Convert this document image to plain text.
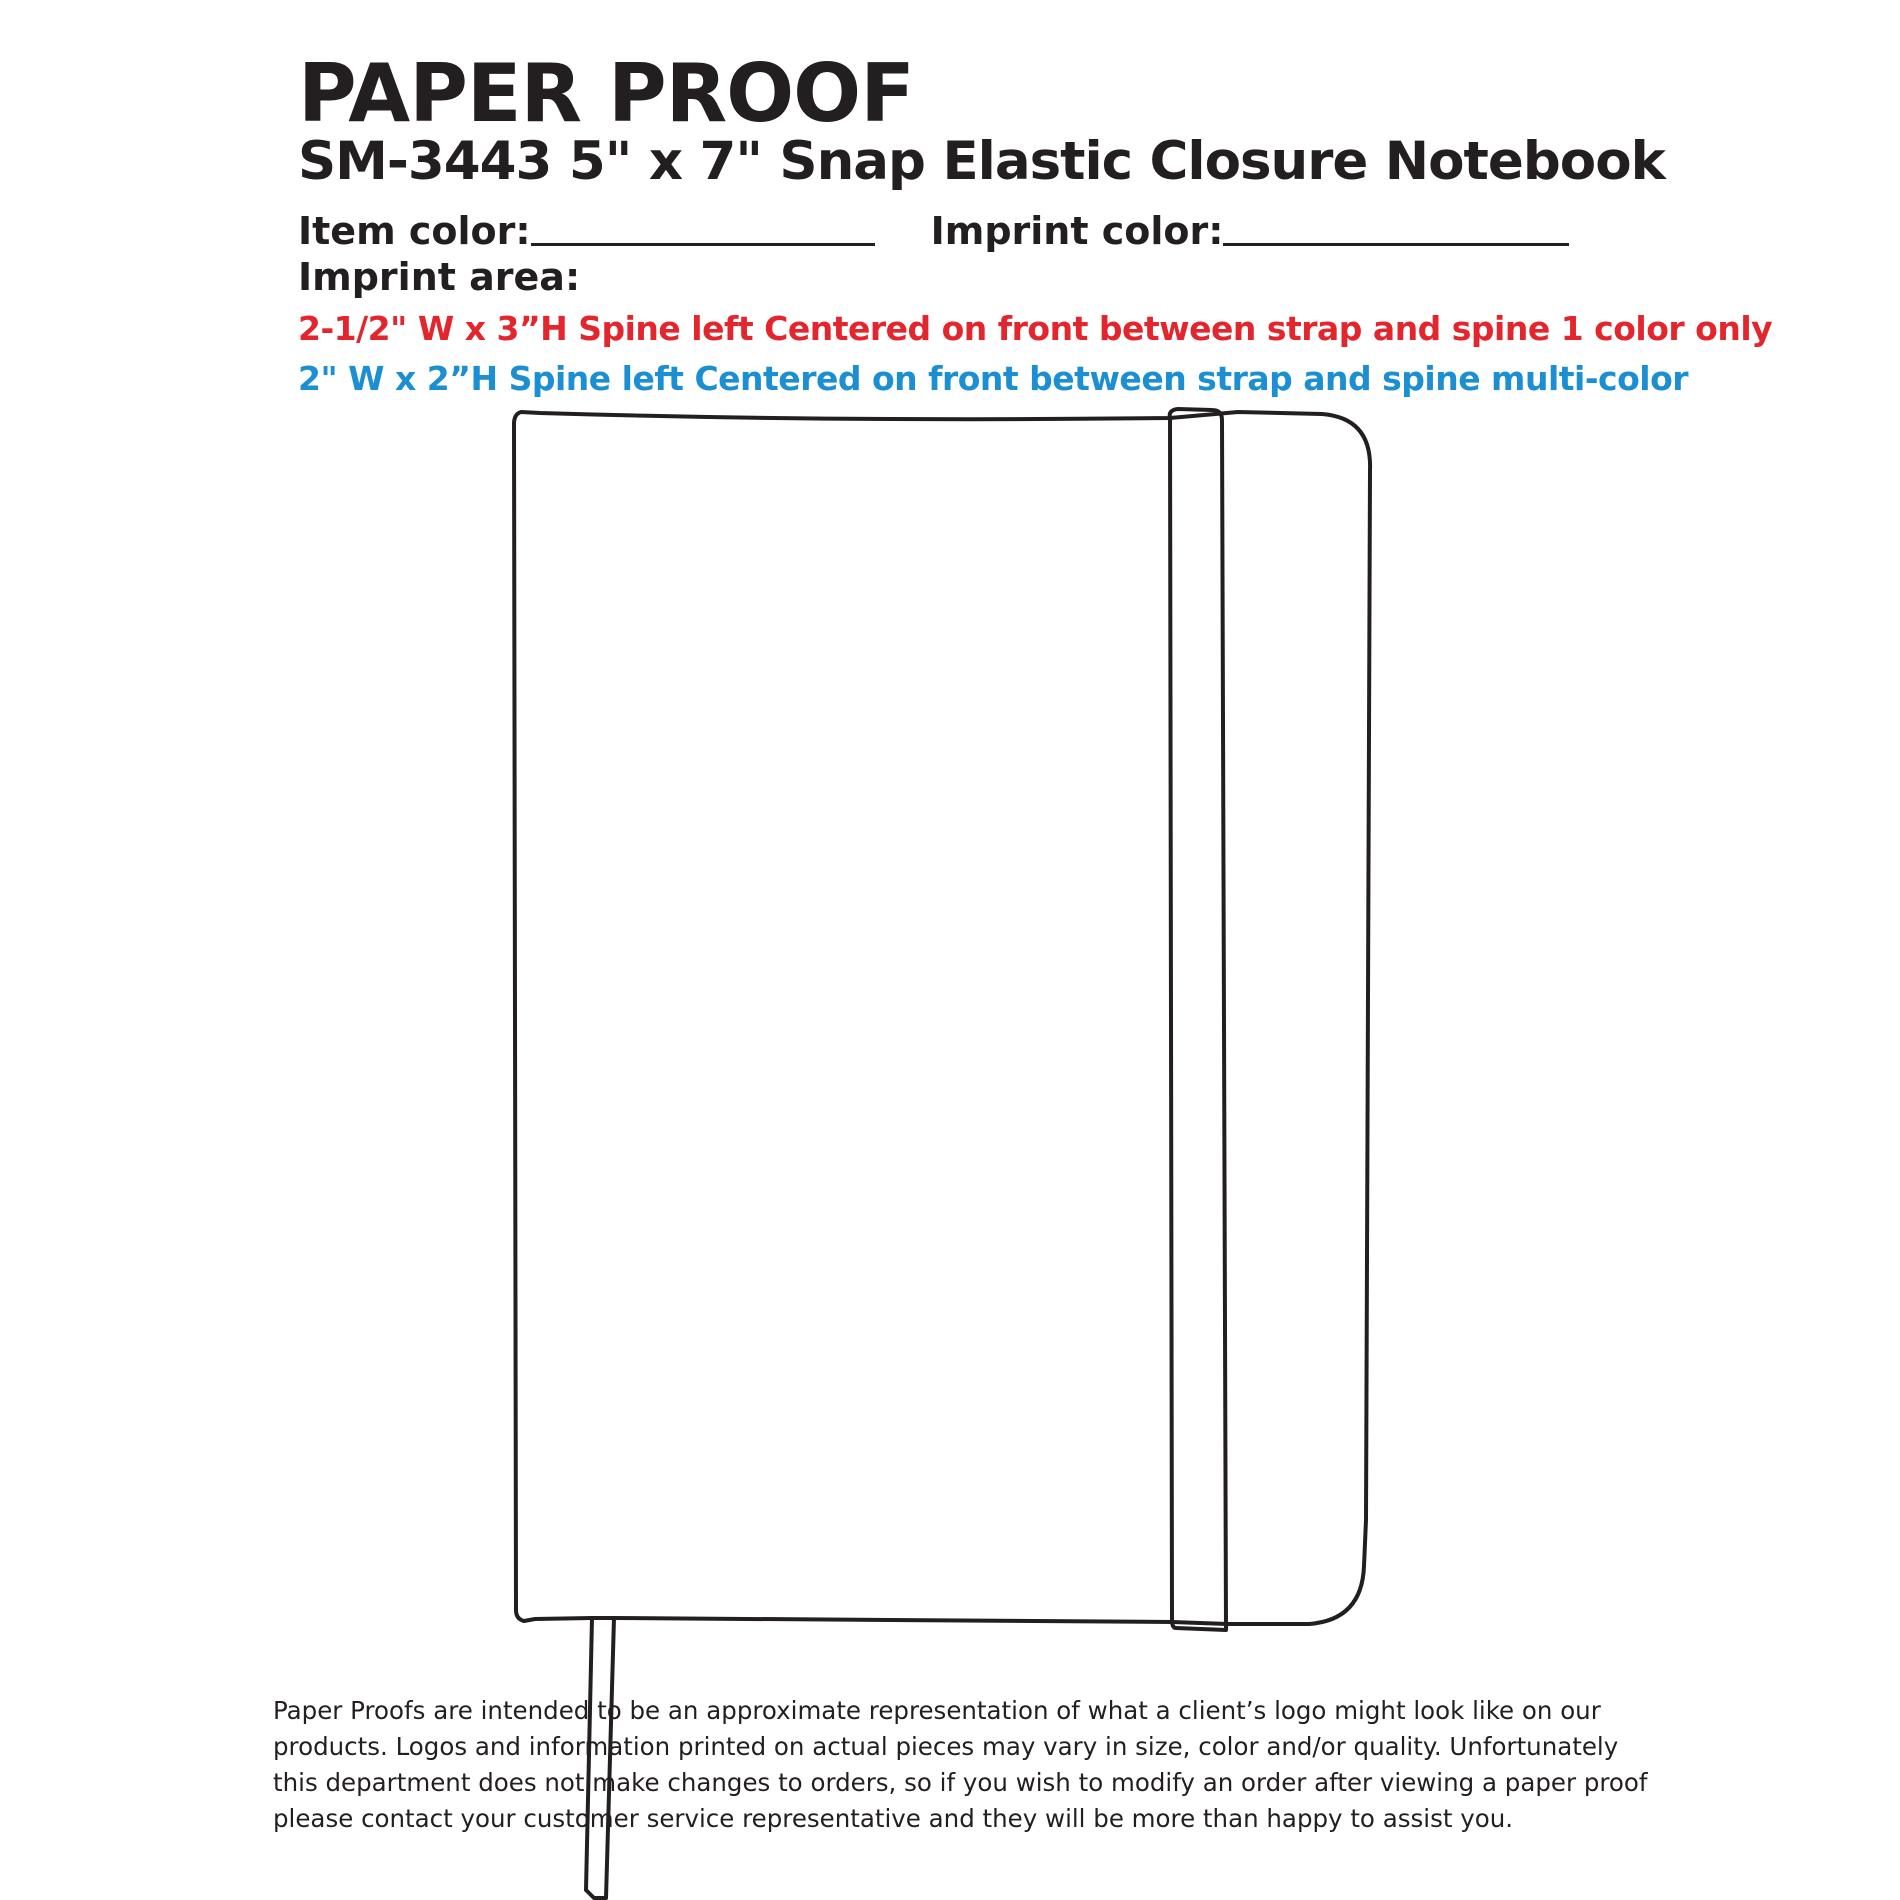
PAPER PROOF
SM-3443 5" x 7" Snap Elastic Closure Notebook
Item color:	Imprint color:
Imprint area:
2-1/2" W x 3”H Spine left Centered on front between strap and spine 1 color only
2" W x 2”H Spine left Centered on front between strap and spine multi-color

Paper Proofs are intended to be an approximate representation of what a client’s logo might look like on our

products. Logos and information printed on actual pieces may vary in size, color and/or quality. Unfortunately

this department does not make changes to orders, so if you wish to modify an order after viewing a paper proof

please contact your customer service representative and they will be more than happy to assist you.
